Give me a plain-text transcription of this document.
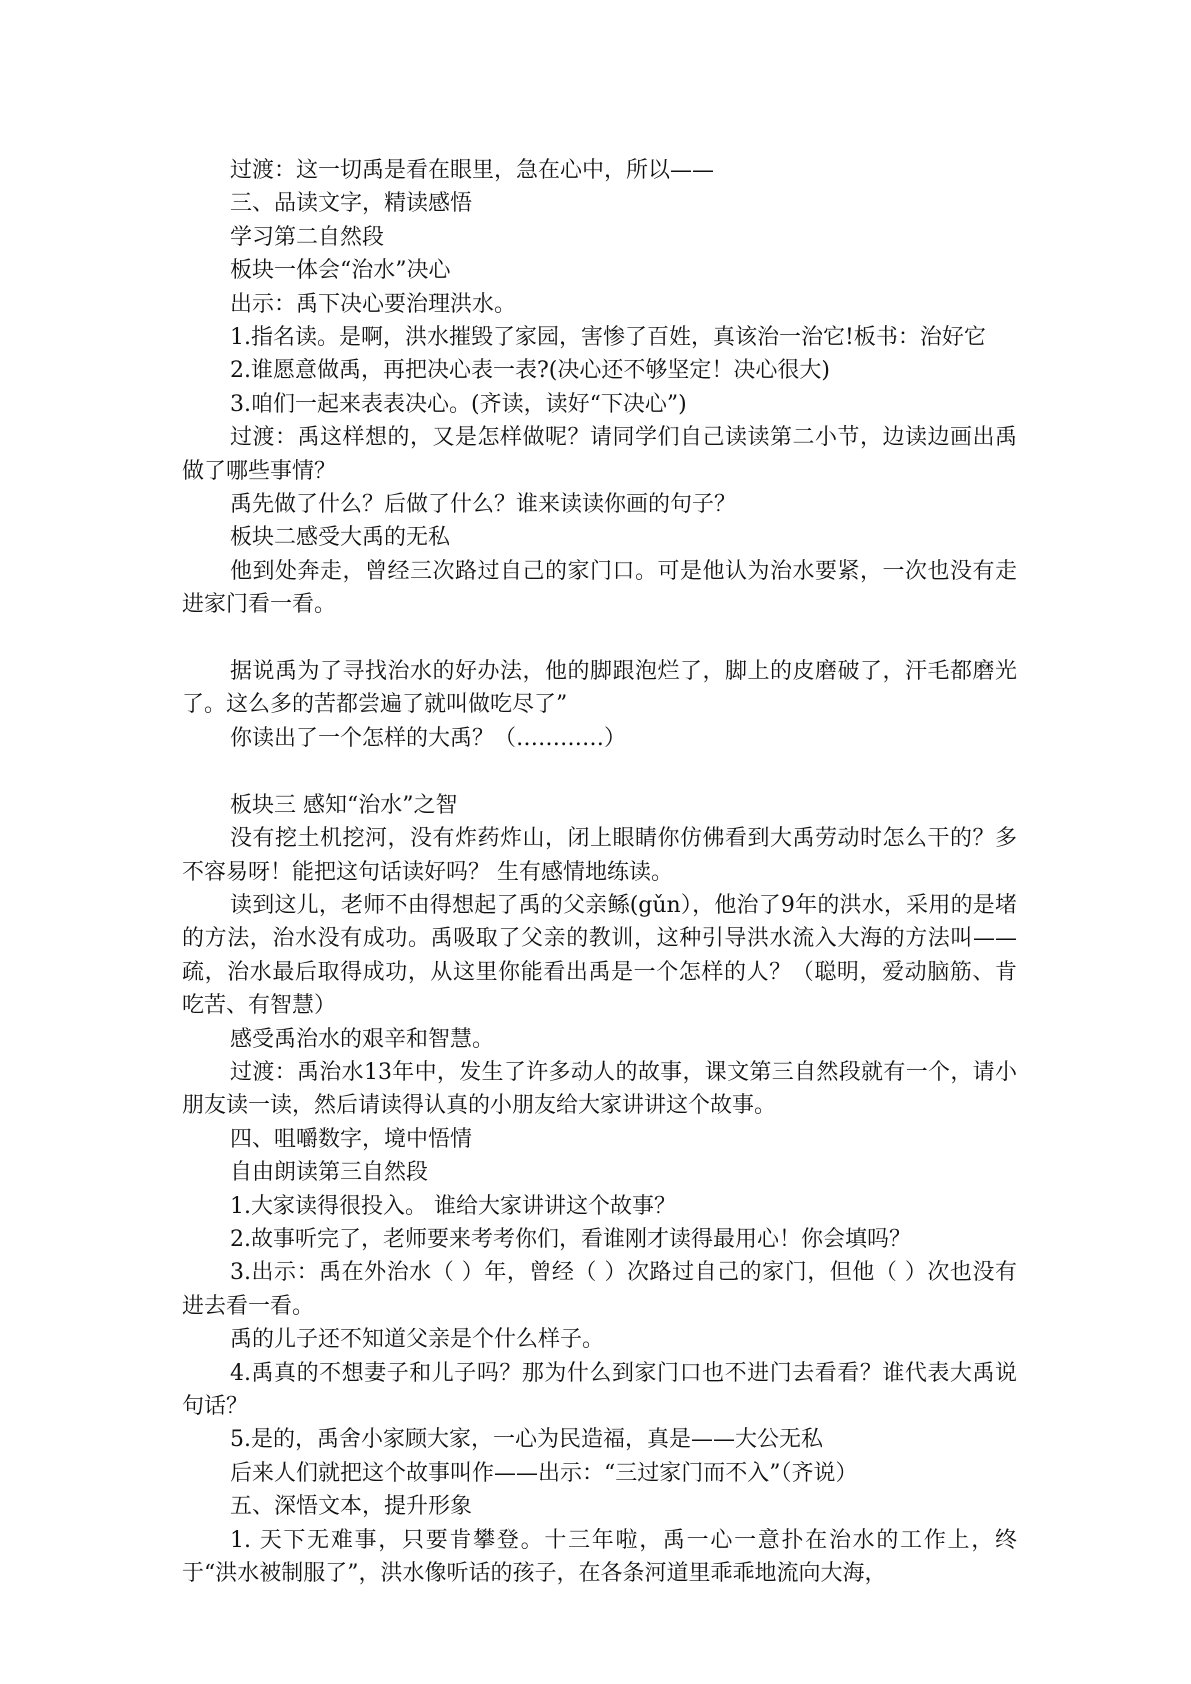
过渡：这一切禹是看在眼里，急在心中，所以——

三、品读文字，精读感悟

学习第二自然段

板块一体会“治水”决心

出示：禹下决心要治理洪水。

1.指名读。是啊，洪水摧毁了家园，害惨了百姓，真该治一治它!板书：治好它

2.谁愿意做禹，再把决心表一表?(决心还不够坚定！决心很大)

3.咱们一起来表表决心。(齐读，读好“下决心”)

过渡：禹这样想的，又是怎样做呢？请同学们自己读读第二小节，边读边画出禹做了哪些事情？

禹先做了什么？后做了什么？谁来读读你画的句子？

板块二感受大禹的无私

他到处奔走，曾经三次路过自己的家门口。可是他认为治水要紧，一次也没有走进家门看一看。

据说禹为了寻找治水的好办法，他的脚跟泡烂了，脚上的皮磨破了，汗毛都磨光了。这么多的苦都尝遍了就叫做吃尽了”

你读出了一个怎样的大禹？（…………）

板块三 感知“治水”之智

没有挖土机挖河，没有炸药炸山，闭上眼睛你仿佛看到大禹劳动时怎么干的？多不容易呀！能把这句话读好吗？ 生有感情地练读。

读到这儿，老师不由得想起了禹的父亲鲧(gǔn），他治了9年的洪水，采用的是堵的方法，治水没有成功。禹吸取了父亲的教训，这种引导洪水流入大海的方法叫——疏，治水最后取得成功，从这里你能看出禹是一个怎样的人？（聪明，爱动脑筋、肯吃苦、有智慧）

感受禹治水的艰辛和智慧。

过渡：禹治水13年中，发生了许多动人的故事，课文第三自然段就有一个，请小朋友读一读，然后请读得认真的小朋友给大家讲讲这个故事。

四、咀嚼数字，境中悟情

自由朗读第三自然段

1.大家读得很投入。 谁给大家讲讲这个故事？

2.故事听完了，老师要来考考你们，看谁刚才读得最用心！你会填吗？

3.出示：禹在外治水（ ）年，曾经（ ）次路过自己的家门，但他（ ）次也没有进去看一看。

禹的儿子还不知道父亲是个什么样子。

4.禹真的不想妻子和儿子吗？那为什么到家门口也不进门去看看？谁代表大禹说句话？

5.是的，禹舍小家顾大家，一心为民造福，真是——大公无私

后来人们就把这个故事叫作——出示：“三过家门而不入”（齐说）

五、深悟文本，提升形象

1. 天下无难事，只要肯攀登。十三年啦，禹一心一意扑在治水的工作上，终于“洪水被制服了”，洪水像听话的孩子，在各条河道里乖乖地流向大海，
